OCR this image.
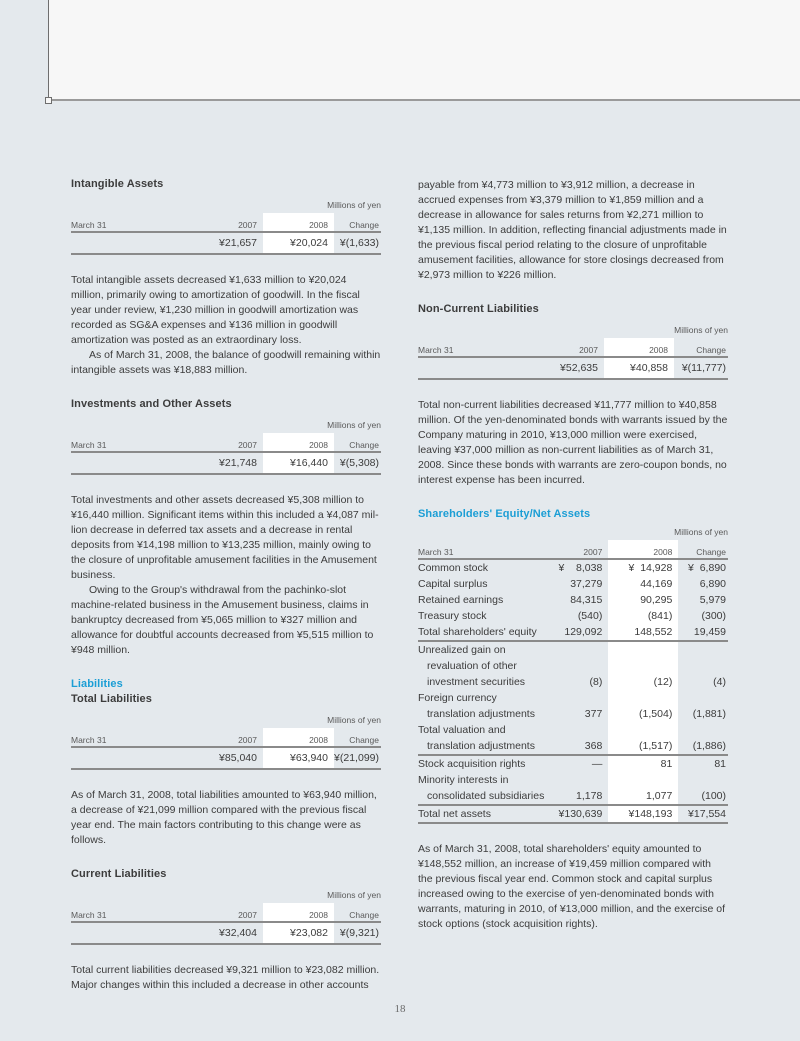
Intangible Assets
Millions of yen			
March 31	2007	2008	Change
	¥21,657	¥20,024	¥(1,633)

Total intangible assets decreased ¥1,633 million to ¥20,024 million, primarily owing to amortization of goodwill. In the fiscal year under review, ¥1,230 million in goodwill amortization was recorded as SG&A expenses and ¥136 million in goodwill amortization was posted as an extraordinary loss.

As of March 31, 2008, the balance of goodwill remaining within intangible assets was ¥18,883 million.

Investments and Other Assets
Millions of yen			
March 31	2007	2008	Change
	¥21,748	¥16,440	¥(5,308)

Total investments and other assets decreased ¥5,308 million to ¥16,440 million. Significant items within this included a ¥4,087 mil-lion decrease in deferred tax assets and a decrease in rental deposits from ¥14,198 million to ¥13,235 million, mainly owing to the closure of unprofitable amusement facilities in the Amusement business.

Owing to the Group's withdrawal from the pachinko-slot machine-related business in the Amusement business, claims in bankruptcy decreased from ¥5,065 million to ¥327 million and allowance for doubtful accounts decreased from ¥5,515 million to ¥948 million.

Liabilities
Total Liabilities
Millions of yen			
March 31	2007	2008	Change
	¥85,040	¥63,940	¥(21,099)

As of March 31, 2008, total liabilities amounted to ¥63,940 million, a decrease of ¥21,099 million compared with the previous fiscal year end. The main factors contributing to this change were as follows.

Current Liabilities
Millions of yen			
March 31	2007	2008	Change
	¥32,404	¥23,082	¥(9,321)

Total current liabilities decreased ¥9,321 million to ¥23,082 million. Major changes within this included a decrease in other accounts

payable from ¥4,773 million to ¥3,912 million, a decrease in accrued expenses from ¥3,379 million to ¥1,859 million and a decrease in allowance for sales returns from ¥2,271 million to ¥1,135 million. In addition, reflecting financial adjustments made in the previous fiscal period relating to the closure of unprofitable amusement facilities, allowance for store closings decreased from ¥2,973 million to ¥226 million.

Non-Current Liabilities
Millions of yen			
March 31	2007	2008	Change
	¥52,635	¥40,858	¥(11,777)

Total non-current liabilities decreased ¥11,777 million to ¥40,858 million. Of the yen-denominated bonds with warrants issued by the Company maturing in 2010, ¥13,000 million were exercised, leaving ¥37,000 million as non-current liabilities as of March 31, 2008. Since these bonds with warrants are zero-coupon bonds, no interest expense has been incurred.

Shareholders' Equity/Net Assets
Millions of yen			
March 31	2007	2008	Change
Common stock	¥    8,038	¥  14,928	¥  6,890
Capital surplus	37,279	44,169	6,890
Retained earnings	84,315	90,295	5,979
Treasury stock	(540)	(841)	(300)
Total shareholders' equity	129,092	148,552	19,459
Unrealized gain on			
revaluation of other			
investment securities	(8)	(12)	(4)
Foreign currency			
translation adjustments	377	(1,504)	(1,881)
Total valuation and			
translation adjustments	368	(1,517)	(1,886)
Stock acquisition rights	—	81	81
Minority interests in			
consolidated subsidiaries	1,178	1,077	(100)
Total net assets	¥130,639	¥148,193	¥17,554

As of March 31, 2008, total shareholders' equity amounted to ¥148,552 million, an increase of ¥19,459 million compared with the previous fiscal year end. Common stock and capital surplus increased owing to the exercise of yen-denominated bonds with warrants, maturing in 2010, of ¥13,000 million, and the exercise of stock options (stock acquisition rights).

18
